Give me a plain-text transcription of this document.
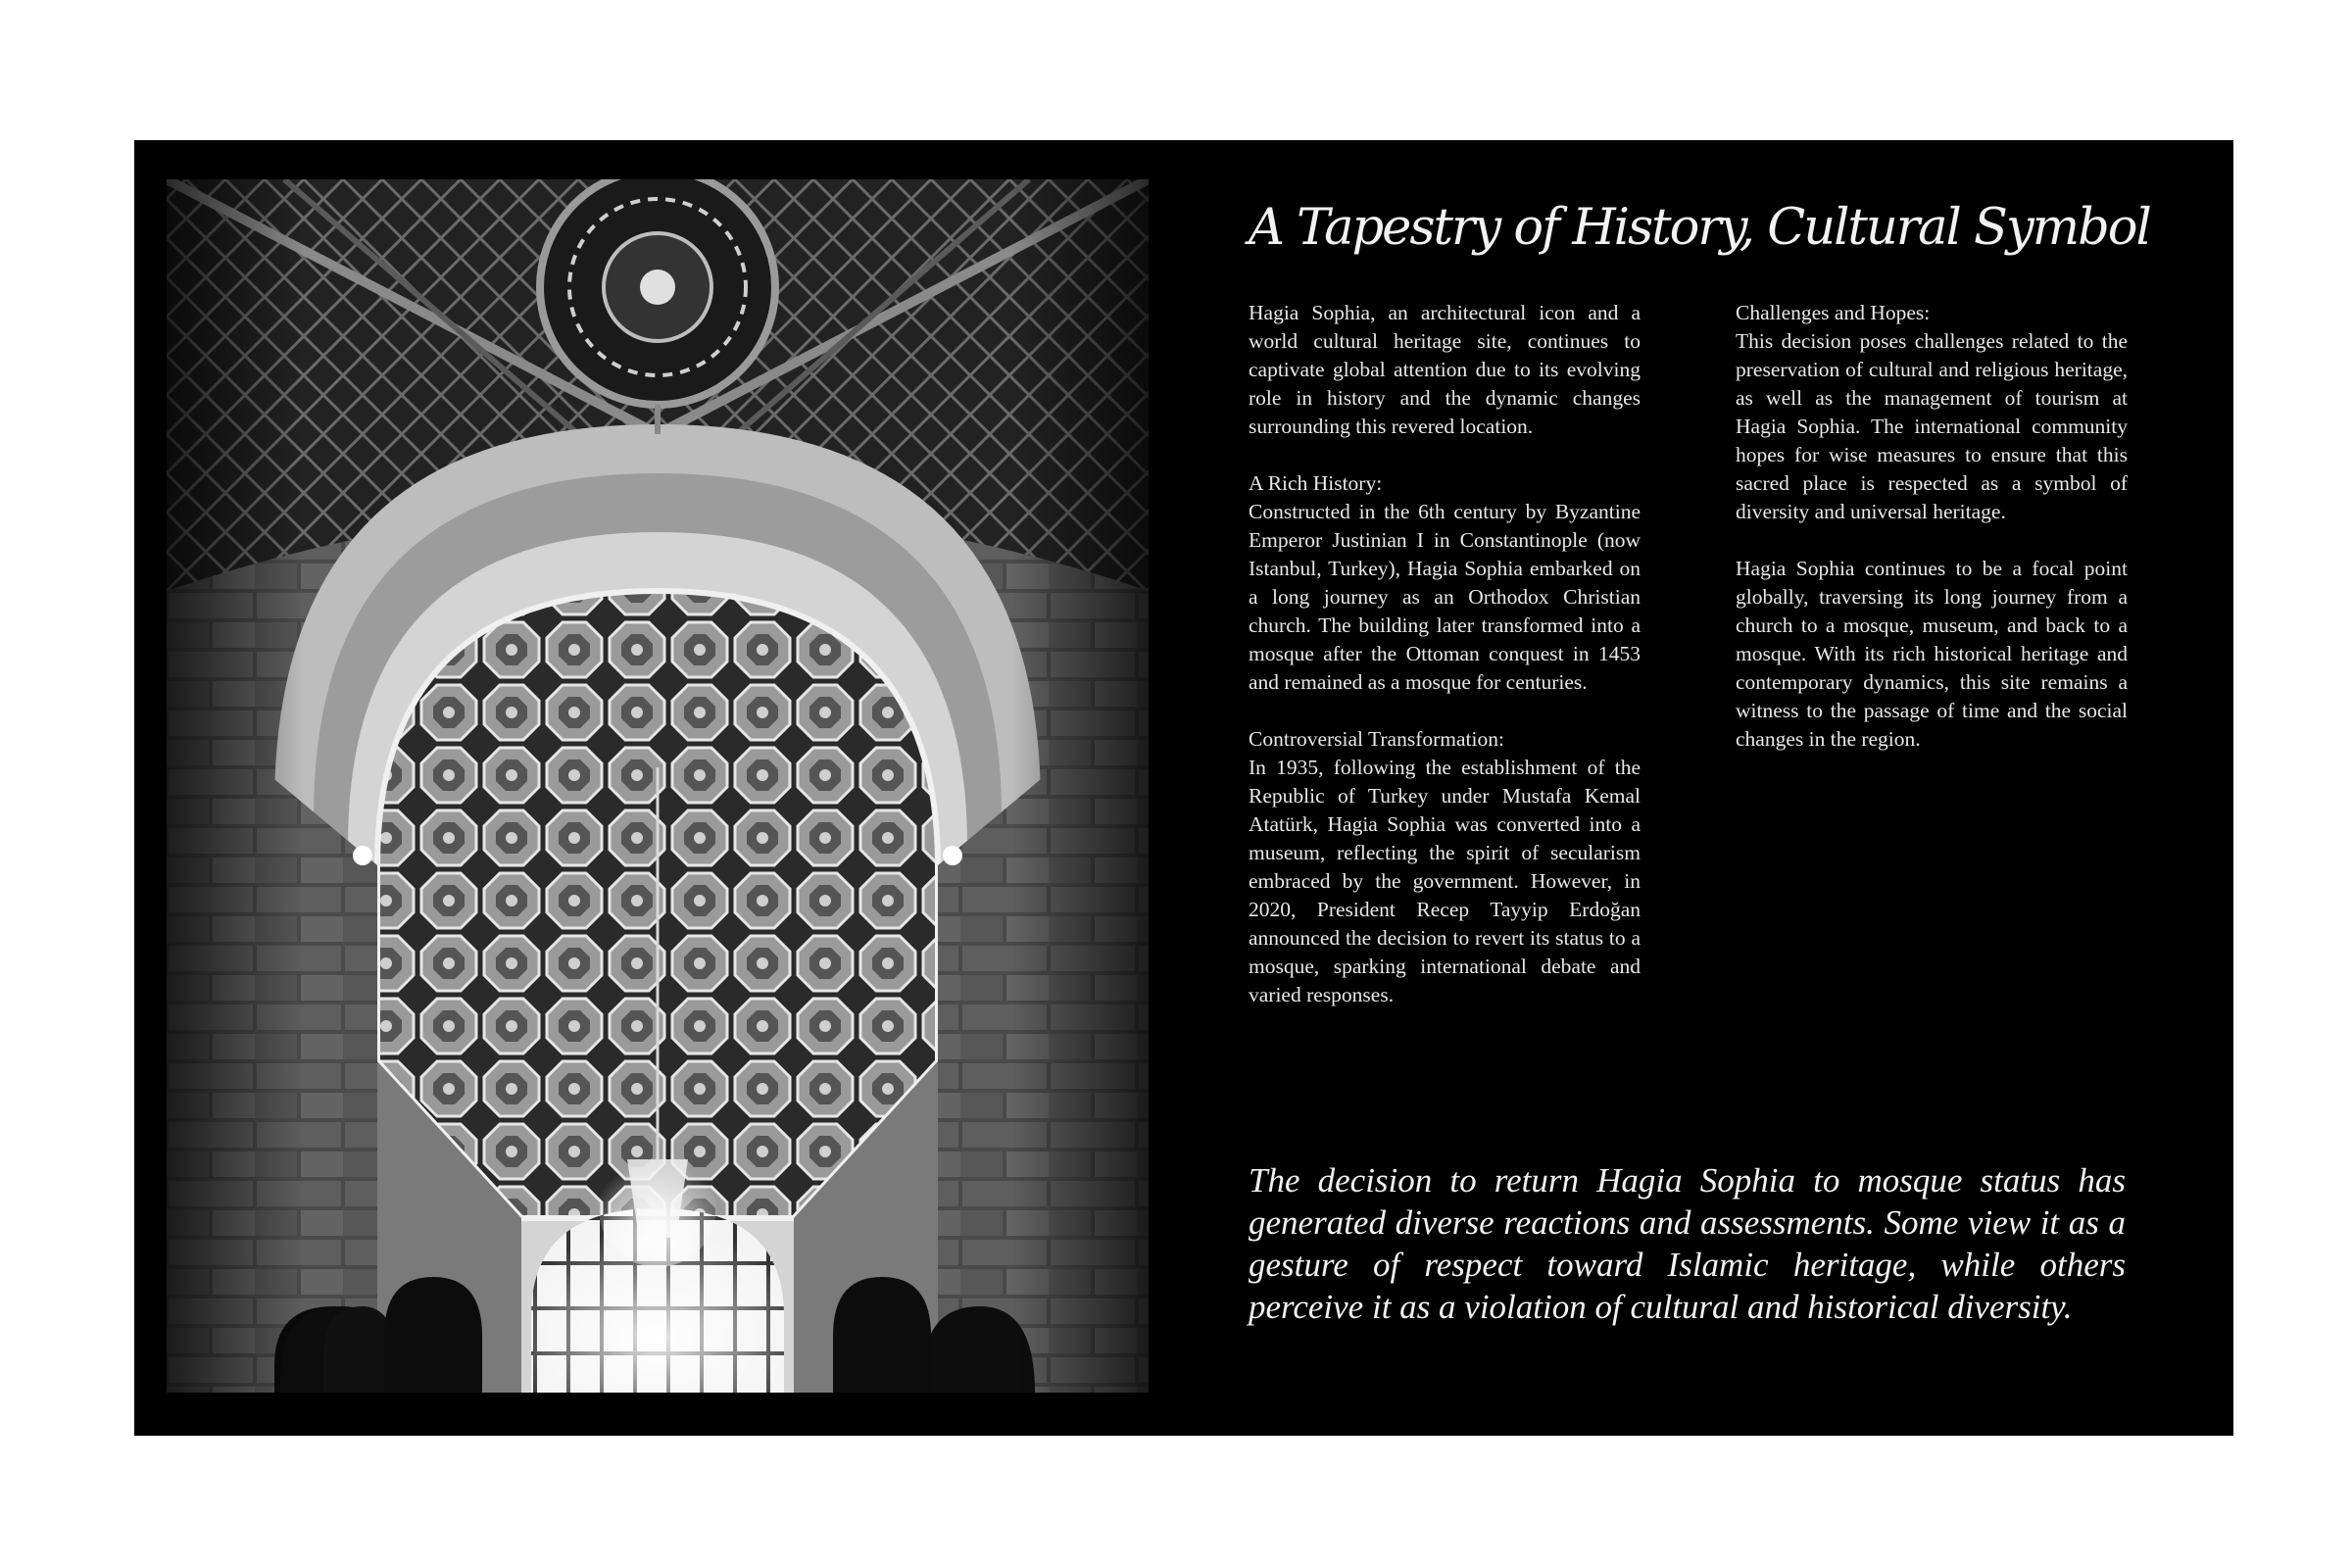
A Tapestry of History, Cultural Symbol

Hagia Sophia, an architectural icon and a world cultural heritage site, continues to captivate global attention due to its evolving role in history and the dynamic changes surrounding this revered location.

A Rich History:
Constructed in the 6th century by Byzantine Emperor Justinian I in Constantinople (now Istanbul, Turkey), Hagia Sophia embarked on a long journey as an Orthodox Christian church. The building later transformed into a mosque after the Ottoman conquest in 1453 and remained as a mosque for centuries.

Controversial Transformation:
In 1935, following the establishment of the Republic of Turkey under Mustafa Kemal Atatürk, Hagia Sophia was converted into a museum, reflecting the spirit of secularism embraced by the government. However, in 2020, President Recep Tayyip Erdoğan announced the decision to revert its status to a mosque, sparking international debate and varied responses.

Challenges and Hopes:
This decision poses challenges related to the preservation of cultural and religious heritage, as well as the management of tourism at Hagia Sophia. The international community hopes for wise measures to ensure that this sacred place is respected as a symbol of diversity and universal heritage.

Hagia Sophia continues to be a focal point globally, traversing its long journey from a church to a mosque, museum, and back to a mosque. With its rich historical heritage and contemporary dynamics, this site remains a witness to the passage of time and the social changes in the region.

The decision to return Hagia Sophia to mosque status has generated diverse reactions and assessments. Some view it as a gesture of respect toward Islamic heritage, while others perceive it as a violation of cultural and historical diversity.
